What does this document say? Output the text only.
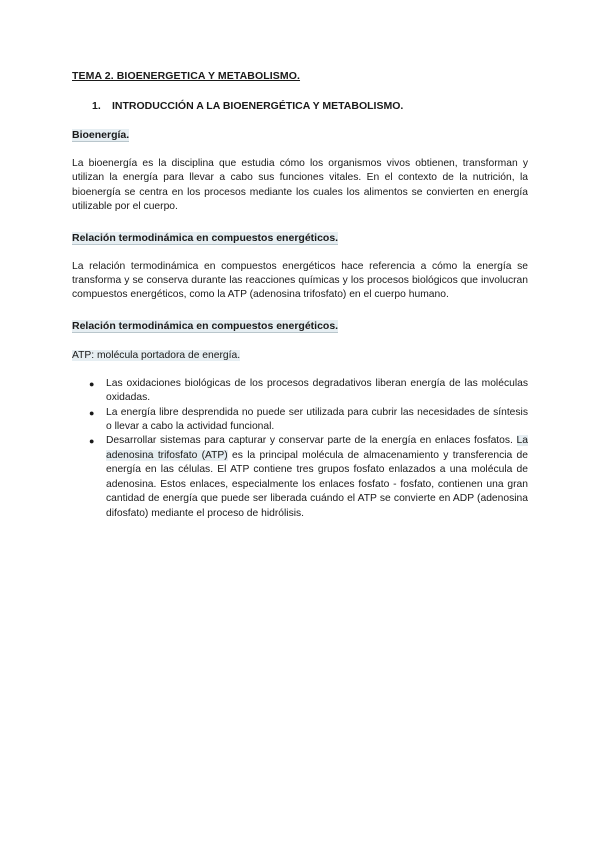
TEMA 2. BIOENERGETICA Y METABOLISMO.
1. INTRODUCCIÓN A LA BIOENERGÉTICA Y METABOLISMO.
Bioenergía.

La bioenergía es la disciplina que estudia cómo los organismos vivos obtienen, transforman y utilizan la energía para llevar a cabo sus funciones vitales. En el contexto de la nutrición, la bioenergía se centra en los procesos mediante los cuales los alimentos se convierten en energía utilizable por el cuerpo.

Relación termodinámica en compuestos energéticos.

La relación termodinámica en compuestos energéticos hace referencia a cómo la energía se transforma y se conserva durante las reacciones químicas y los procesos biológicos que involucran compuestos energéticos, como la ATP (adenosina trifosfato) en el cuerpo humano.

Relación termodinámica en compuestos energéticos.
ATP: molécula portadora de energía.
● Las oxidaciones biológicas de los procesos degradativos liberan energía de las moléculas oxidadas.
● La energía libre desprendida no puede ser utilizada para cubrir las necesidades de síntesis o llevar a cabo la actividad funcional.
● Desarrollar sistemas para capturar y conservar parte de la energía en enlaces fosfatos. La adenosina trifosfato (ATP) es la principal molécula de almacenamiento y transferencia de energía en las células. El ATP contiene tres grupos fosfato enlazados a una molécula de adenosina. Estos enlaces, especialmente los enlaces fosfato - fosfato, contienen una gran cantidad de energía que puede ser liberada cuándo el ATP se convierte en ADP (adenosina difosfato) mediante el proceso de hidrólisis.
